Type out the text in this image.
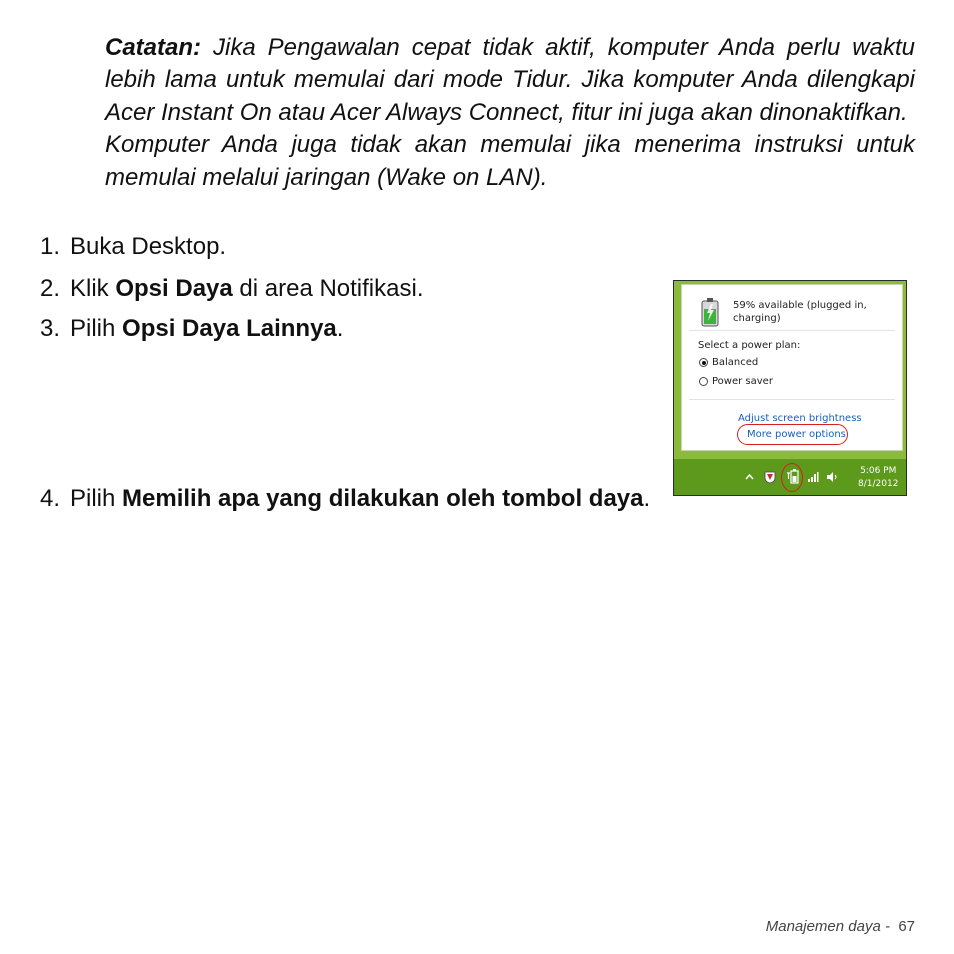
Catatan: Jika Pengawalan cepat tidak aktif, komputer Anda perlu waktu lebih lama untuk memulai dari mode Tidur. Jika komputer Anda dilengkapi Acer Instant On atau Acer Always Connect, fitur ini juga akan dinonaktifkan.

Komputer Anda juga tidak akan memulai jika menerima instruksi untuk memulai melalui jaringan (Wake on LAN).

1. Buka Desktop.
2. Klik Opsi Daya di area Notifikasi.
3. Pilih Opsi Daya Lainnya.
4. Pilih Memilih apa yang dilakukan oleh tombol daya.
59% available (plugged in, charging)
Select a power plan:
Balanced
Power saver
Adjust screen brightness
More power options
5:06 PM
8/1/2012
Manajemen daya - 67
